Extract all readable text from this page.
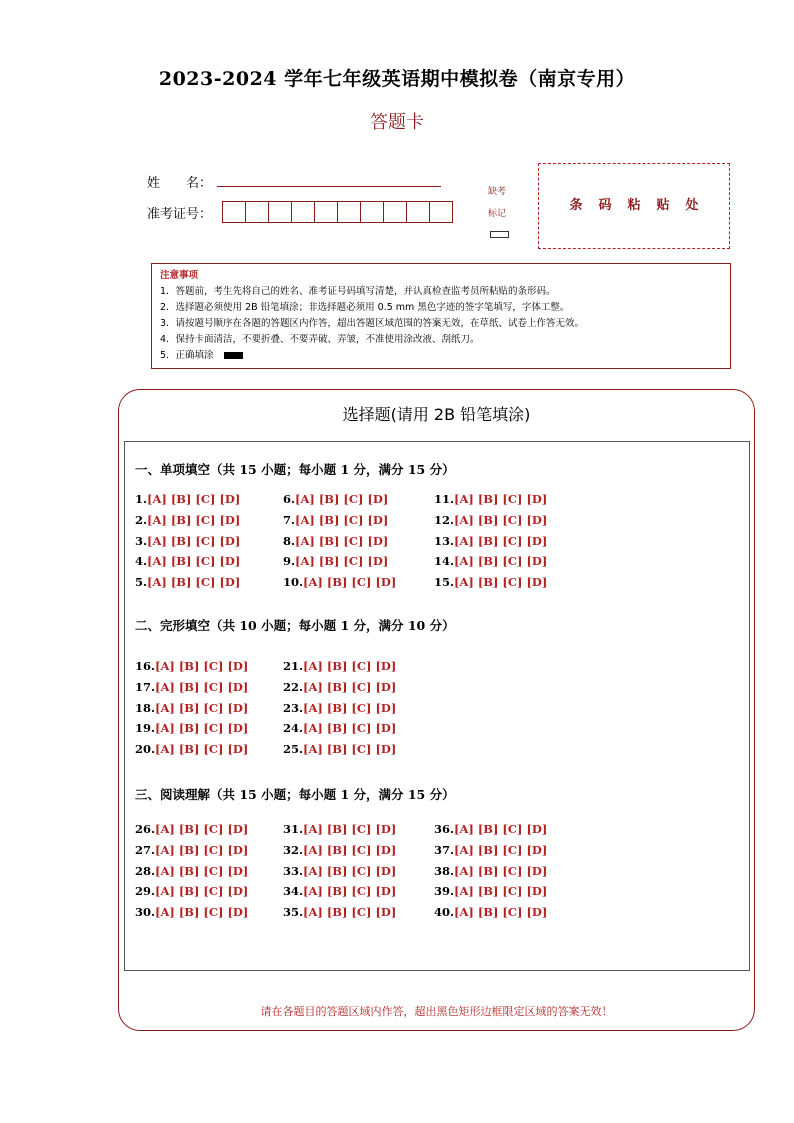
2023-2024 学年七年级英语期中模拟卷（南京专用）
答题卡
姓　　名：
准考证号：
缺考
标记
条码粘贴处
注意事项
1．答题前，考生先将自己的姓名、准考证号码填写清楚，并认真检查监考员所粘贴的条形码。
2．选择题必须使用 2B 铅笔填涂；非选择题必须用 0.5 mm 黑色字迹的签字笔填写，字体工整。
3．请按题号顺序在各题的答题区内作答，超出答题区域范围的答案无效，在草纸、试卷上作答无效。
4．保持卡面清洁，不要折叠、不要弄破、弄皱，不准使用涂改液、刮纸刀。
5．正确填涂
选择题(请用 2B 铅笔填涂)
一、单项填空（共 15 小题；每小题 1 分，满分 15 分）
二、完形填空（共 10 小题；每小题 1 分，满分 10 分）
三、阅读理解（共 15 小题；每小题 1 分，满分 15 分）
1.[A] [B] [C] [D]
2.[A] [B] [C] [D]
3.[A] [B] [C] [D]
4.[A] [B] [C] [D]
5.[A] [B] [C] [D]
6.[A] [B] [C] [D]
7.[A] [B] [C] [D]
8.[A] [B] [C] [D]
9.[A] [B] [C] [D]
10.[A] [B] [C] [D]
11.[A] [B] [C] [D]
12.[A] [B] [C] [D]
13.[A] [B] [C] [D]
14.[A] [B] [C] [D]
15.[A] [B] [C] [D]
16.[A] [B] [C] [D]
17.[A] [B] [C] [D]
18.[A] [B] [C] [D]
19.[A] [B] [C] [D]
20.[A] [B] [C] [D]
21.[A] [B] [C] [D]
22.[A] [B] [C] [D]
23.[A] [B] [C] [D]
24.[A] [B] [C] [D]
25.[A] [B] [C] [D]
26.[A] [B] [C] [D]
27.[A] [B] [C] [D]
28.[A] [B] [C] [D]
29.[A] [B] [C] [D]
30.[A] [B] [C] [D]
31.[A] [B] [C] [D]
32.[A] [B] [C] [D]
33.[A] [B] [C] [D]
34.[A] [B] [C] [D]
35.[A] [B] [C] [D]
36.[A] [B] [C] [D]
37.[A] [B] [C] [D]
38.[A] [B] [C] [D]
39.[A] [B] [C] [D]
40.[A] [B] [C] [D]
请在各题目的答题区域内作答，超出黑色矩形边框限定区域的答案无效！
